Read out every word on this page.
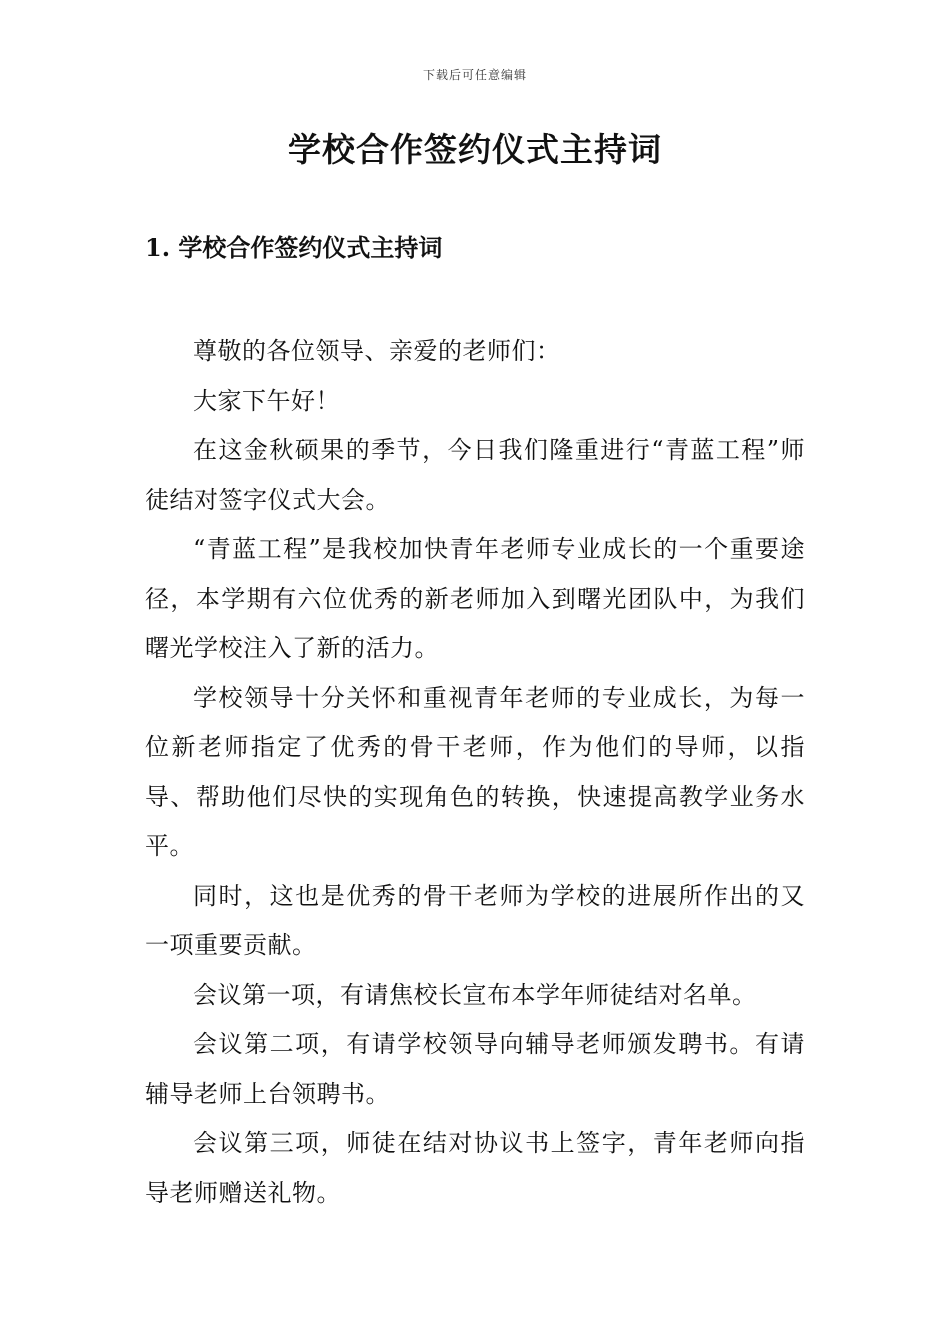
下载后可任意编辑
学校合作签约仪式主持词
1. 学校合作签约仪式主持词

尊敬的各位领导、亲爱的老师们：

大家下午好！

在这金秋硕果的季节，今日我们隆重进行“青蓝工程”师徒结对签字仪式大会。

“青蓝工程”是我校加快青年老师专业成长的一个重要途径，本学期有六位优秀的新老师加入到曙光团队中，为我们曙光学校注入了新的活力。

学校领导十分关怀和重视青年老师的专业成长，为每一位新老师指定了优秀的骨干老师，作为他们的导师，以指导、帮助他们尽快的实现角色的转换，快速提高教学业务水平。

同时，这也是优秀的骨干老师为学校的进展所作出的又一项重要贡献。

会议第一项，有请焦校长宣布本学年师徒结对名单。

会议第二项，有请学校领导向辅导老师颁发聘书。有请辅导老师上台领聘书。

会议第三项，师徒在结对协议书上签字，青年老师向指导老师赠送礼物。
